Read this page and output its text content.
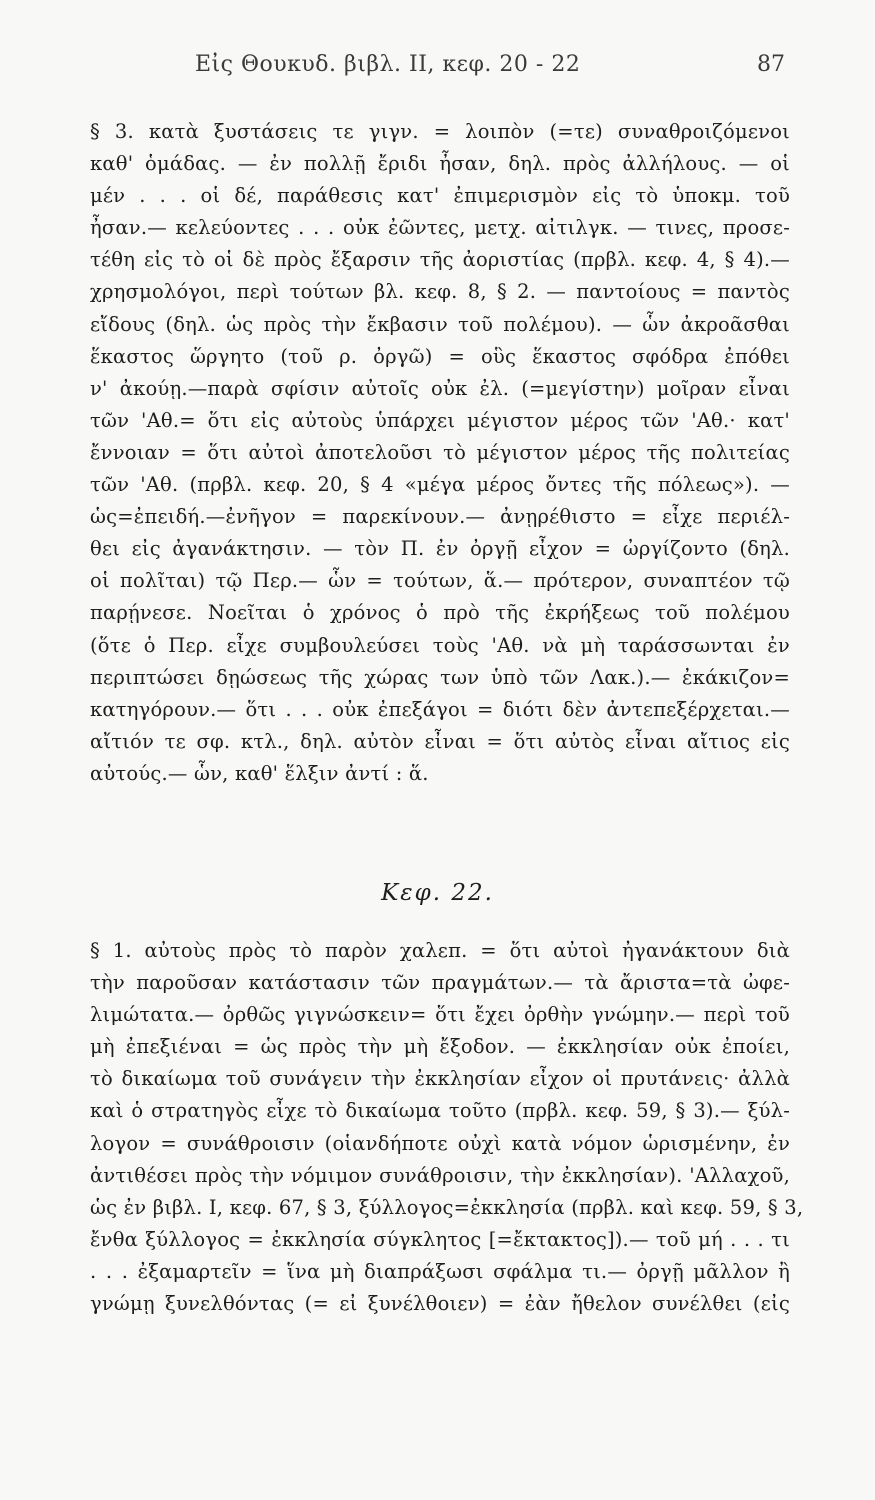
Εἰς Θουκυδ. βιβλ. ΙΙ, κεφ. 20 - 22	87
§ 3. κατὰ ξυστάσεις τε γιγν. = λοιπὸν (=τε) συναθροιζόμενοι
καθ' ὁμάδας. — ἐν πολλῇ ἔριδι ἦσαν, δηλ. πρὸς ἀλλήλους. — οἱ
μέν . . . οἱ δέ, παράθεσις κατ' ἐπιμερισμὸν εἰς τὸ ὑποκμ. τοῦ
ἦσαν.— κελεύοντες . . . οὐκ ἐῶντες, μετχ. αἰτιλγκ. — τινες, προσε-
τέθη εἰς τὸ οἱ δὲ πρὸς ἔξαρσιν τῆς ἀοριστίας (πρβλ. κεφ. 4, § 4).—
χρησμολόγοι, περὶ τούτων βλ. κεφ. 8, § 2. — παντοίους = παντὸς
εἴδους (δηλ. ὡς πρὸς τὴν ἔκβασιν τοῦ πολέμου). — ὧν ἀκροᾶσθαι
ἕκαστος ὥργητο (τοῦ ρ. ὀργῶ) = οὓς ἕκαστος σφόδρα ἐπόθει
ν' ἀκούῃ.—παρὰ σφίσιν αὐτοῖς οὐκ ἐλ. (=μεγίστην) μοῖραν εἶναι
τῶν 'Αθ.= ὅτι εἰς αὐτοὺς ὑπάρχει μέγιστον μέρος τῶν 'Αθ.· κατ'
ἔννοιαν = ὅτι αὐτοὶ ἀποτελοῦσι τὸ μέγιστον μέρος τῆς πολιτείας
τῶν 'Αθ. (πρβλ. κεφ. 20, § 4 «μέγα μέρος ὄντες τῆς πόλεως»). —
ὡς=ἐπειδή.—ἐνῆγον = παρεκίνουν.— ἀνῃρέθιστο = εἶχε περιέλ-
θει εἰς ἀγανάκτησιν. — τὸν Π. ἐν ὀργῇ εἶχον = ὠργίζοντο (δηλ.
οἱ πολῖται) τῷ Περ.— ὧν = τούτων, ἅ.— πρότερον, συναπτέον τῷ
παρῄνεσε. Νοεῖται ὁ χρόνος ὁ πρὸ τῆς ἐκρήξεως τοῦ πολέμου
(ὅτε ὁ Περ. εἶχε συμβουλεύσει τοὺς 'Αθ. νὰ μὴ ταράσσωνται ἐν
περιπτώσει δῃώσεως τῆς χώρας των ὑπὸ τῶν Λακ.).— ἐκάκιζον=
κατηγόρουν.— ὅτι . . . οὐκ ἐπεξάγοι = διότι δὲν ἀντεπεξέρχεται.—
αἴτιόν τε σφ. κτλ., δηλ. αὐτὸν εἶναι = ὅτι αὐτὸς εἶναι αἴτιος εἰς
αὐτούς.— ὧν, καθ' ἕλξιν ἀντί : ἅ.
Κεφ. 22.
§ 1. αὐτοὺς πρὸς τὸ παρὸν χαλεπ. = ὅτι αὐτοὶ ἠγανάκτουν διὰ
τὴν παροῦσαν κατάστασιν τῶν πραγμάτων.— τὰ ἄριστα=τὰ ὠφε-
λιμώτατα.— ὀρθῶς γιγνώσκειν= ὅτι ἔχει ὀρθὴν γνώμην.— περὶ τοῦ
μὴ ἐπεξιέναι = ὡς πρὸς τὴν μὴ ἔξοδον. — ἐκκλησίαν οὐκ ἐποίει,
τὸ δικαίωμα τοῦ συνάγειν τὴν ἐκκλησίαν εἶχον οἱ πρυτάνεις· ἀλλὰ
καὶ ὁ στρατηγὸς εἶχε τὸ δικαίωμα τοῦτο (πρβλ. κεφ. 59, § 3).— ξύλ-
λογον = συνάθροισιν (οἱανδήποτε οὐχὶ κατὰ νόμον ὡρισμένην, ἐν
ἀντιθέσει πρὸς τὴν νόμιμον συνάθροισιν, τὴν ἐκκλησίαν). 'Αλλαχοῦ,
ὡς ἐν βιβλ. Ι, κεφ. 67, § 3, ξύλλογος=ἐκκλησία (πρβλ. καὶ κεφ. 59, § 3,
ἔνθα ξύλλογος = ἐκκλησία σύγκλητος [=ἔκτακτος]).— τοῦ μή . . . τι
. . . ἐξαμαρτεῖν = ἵνα μὴ διαπράξωσι σφάλμα τι.— ὀργῇ μᾶλλον ἢ
γνώμῃ ξυνελθόντας (= εἰ ξυνέλθοιεν) = ἐὰν ἤθελον συνέλθει (εἰς
